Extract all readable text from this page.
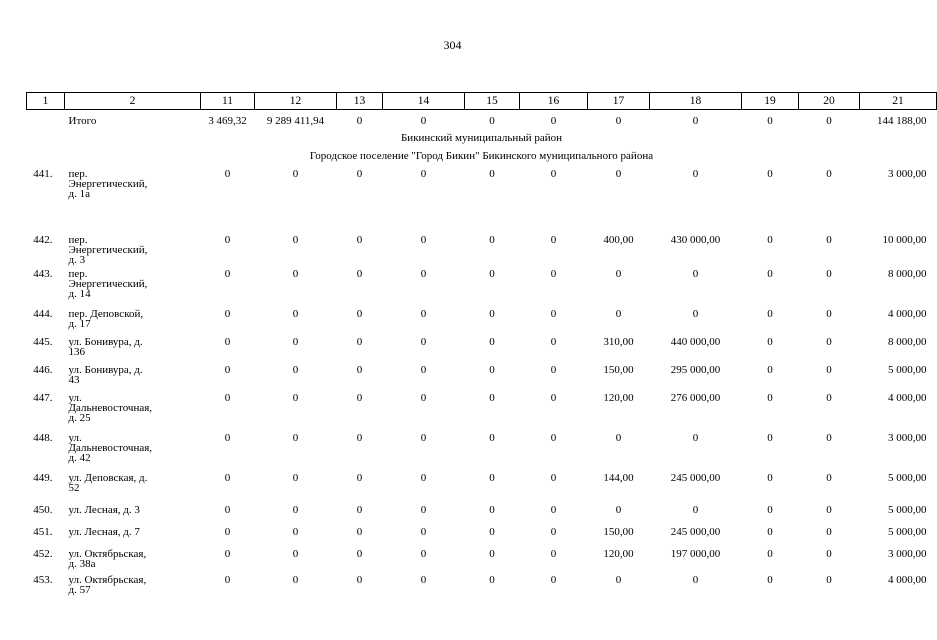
304
1	2	11	12	13	14	15	16	17	18	19	20	21
	Итого	3 469,32	9 289 411,94	0	0	0	0	0	0	0	0	144 188,00
Бикинский муниципальный район												
Городское поселение "Город Бикин" Бикинского муниципального района												
441.	пер.
Энергетический,
д. 1а	0	0	0	0	0	0	0	0	0	0	3 000,00
442.	пер.
Энергетический,
д. 3	0	0	0	0	0	0	400,00	430 000,00	0	0	10 000,00
443.	пер.
Энергетический,
д. 14	0	0	0	0	0	0	0	0	0	0	8 000,00
444.	пер. Деповской,
д. 17	0	0	0	0	0	0	0	0	0	0	4 000,00
445.	ул. Бонивура, д.
136	0	0	0	0	0	0	310,00	440 000,00	0	0	8 000,00
446.	ул. Бонивура, д.
43	0	0	0	0	0	0	150,00	295 000,00	0	0	5 000,00
447.	ул.
Дальневосточная,
д. 25	0	0	0	0	0	0	120,00	276 000,00	0	0	4 000,00
448.	ул.
Дальневосточная,
д. 42	0	0	0	0	0	0	0	0	0	0	3 000,00
449.	ул. Деповская, д.
52	0	0	0	0	0	0	144,00	245 000,00	0	0	5 000,00
450.	ул. Лесная, д. 3	0	0	0	0	0	0	0	0	0	0	5 000,00
451.	ул. Лесная, д. 7	0	0	0	0	0	0	150,00	245 000,00	0	0	5 000,00
452.	ул. Октябрьская,
д. 38а	0	0	0	0	0	0	120,00	197 000,00	0	0	3 000,00
453.	ул. Октябрьская,
д. 57	0	0	0	0	0	0	0	0	0	0	4 000,00
